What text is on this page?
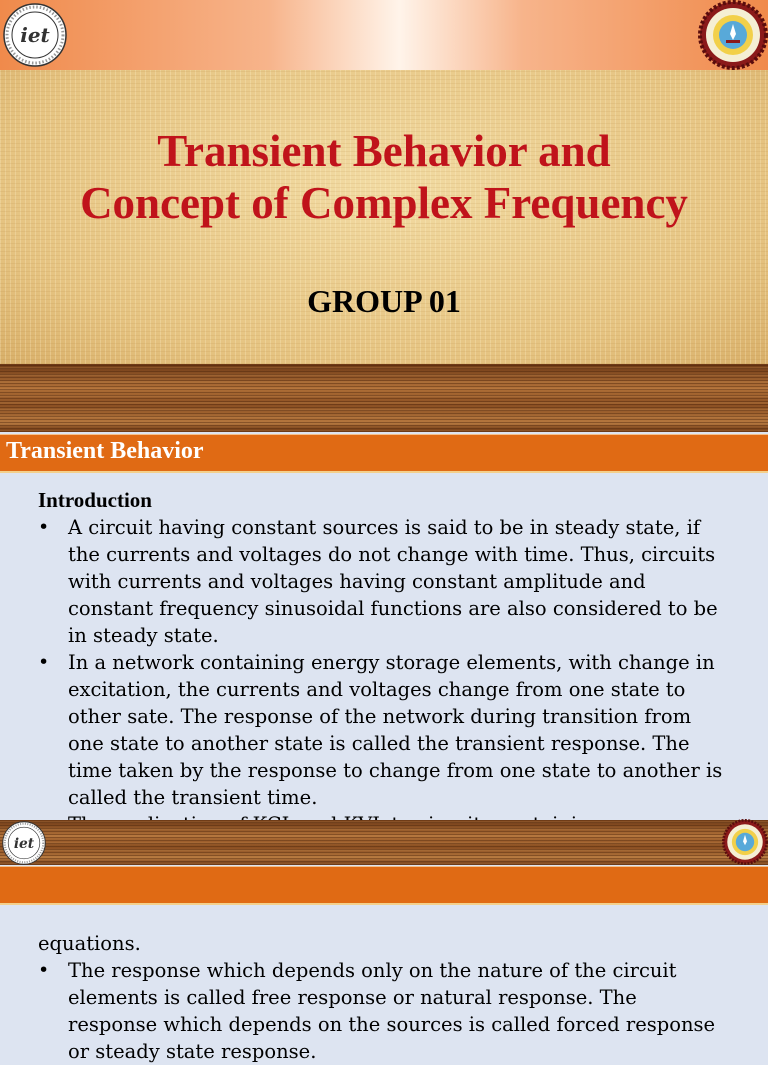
iet
Transient Behavior and
Concept of Complex Frequency
GROUP 01
Transient Behavior
Introduction
• A circuit having constant sources is said to be in steady state, if the currents and voltages do not change with time. Thus, circuits with currents and voltages having constant amplitude and constant frequency sinusoidal functions are also considered to be in steady state.
• In a network containing energy storage elements, with change in excitation, the currents and voltages change from one state to other sate. The response of the network during transition from one state to another state is called the transient response. The time taken by the response to change from one state to another is called the transient time.
iet
equations.
• The response which depends only on the nature of the circuit elements is called free response or natural response. The response which depends on the sources is called forced response or steady state response.
